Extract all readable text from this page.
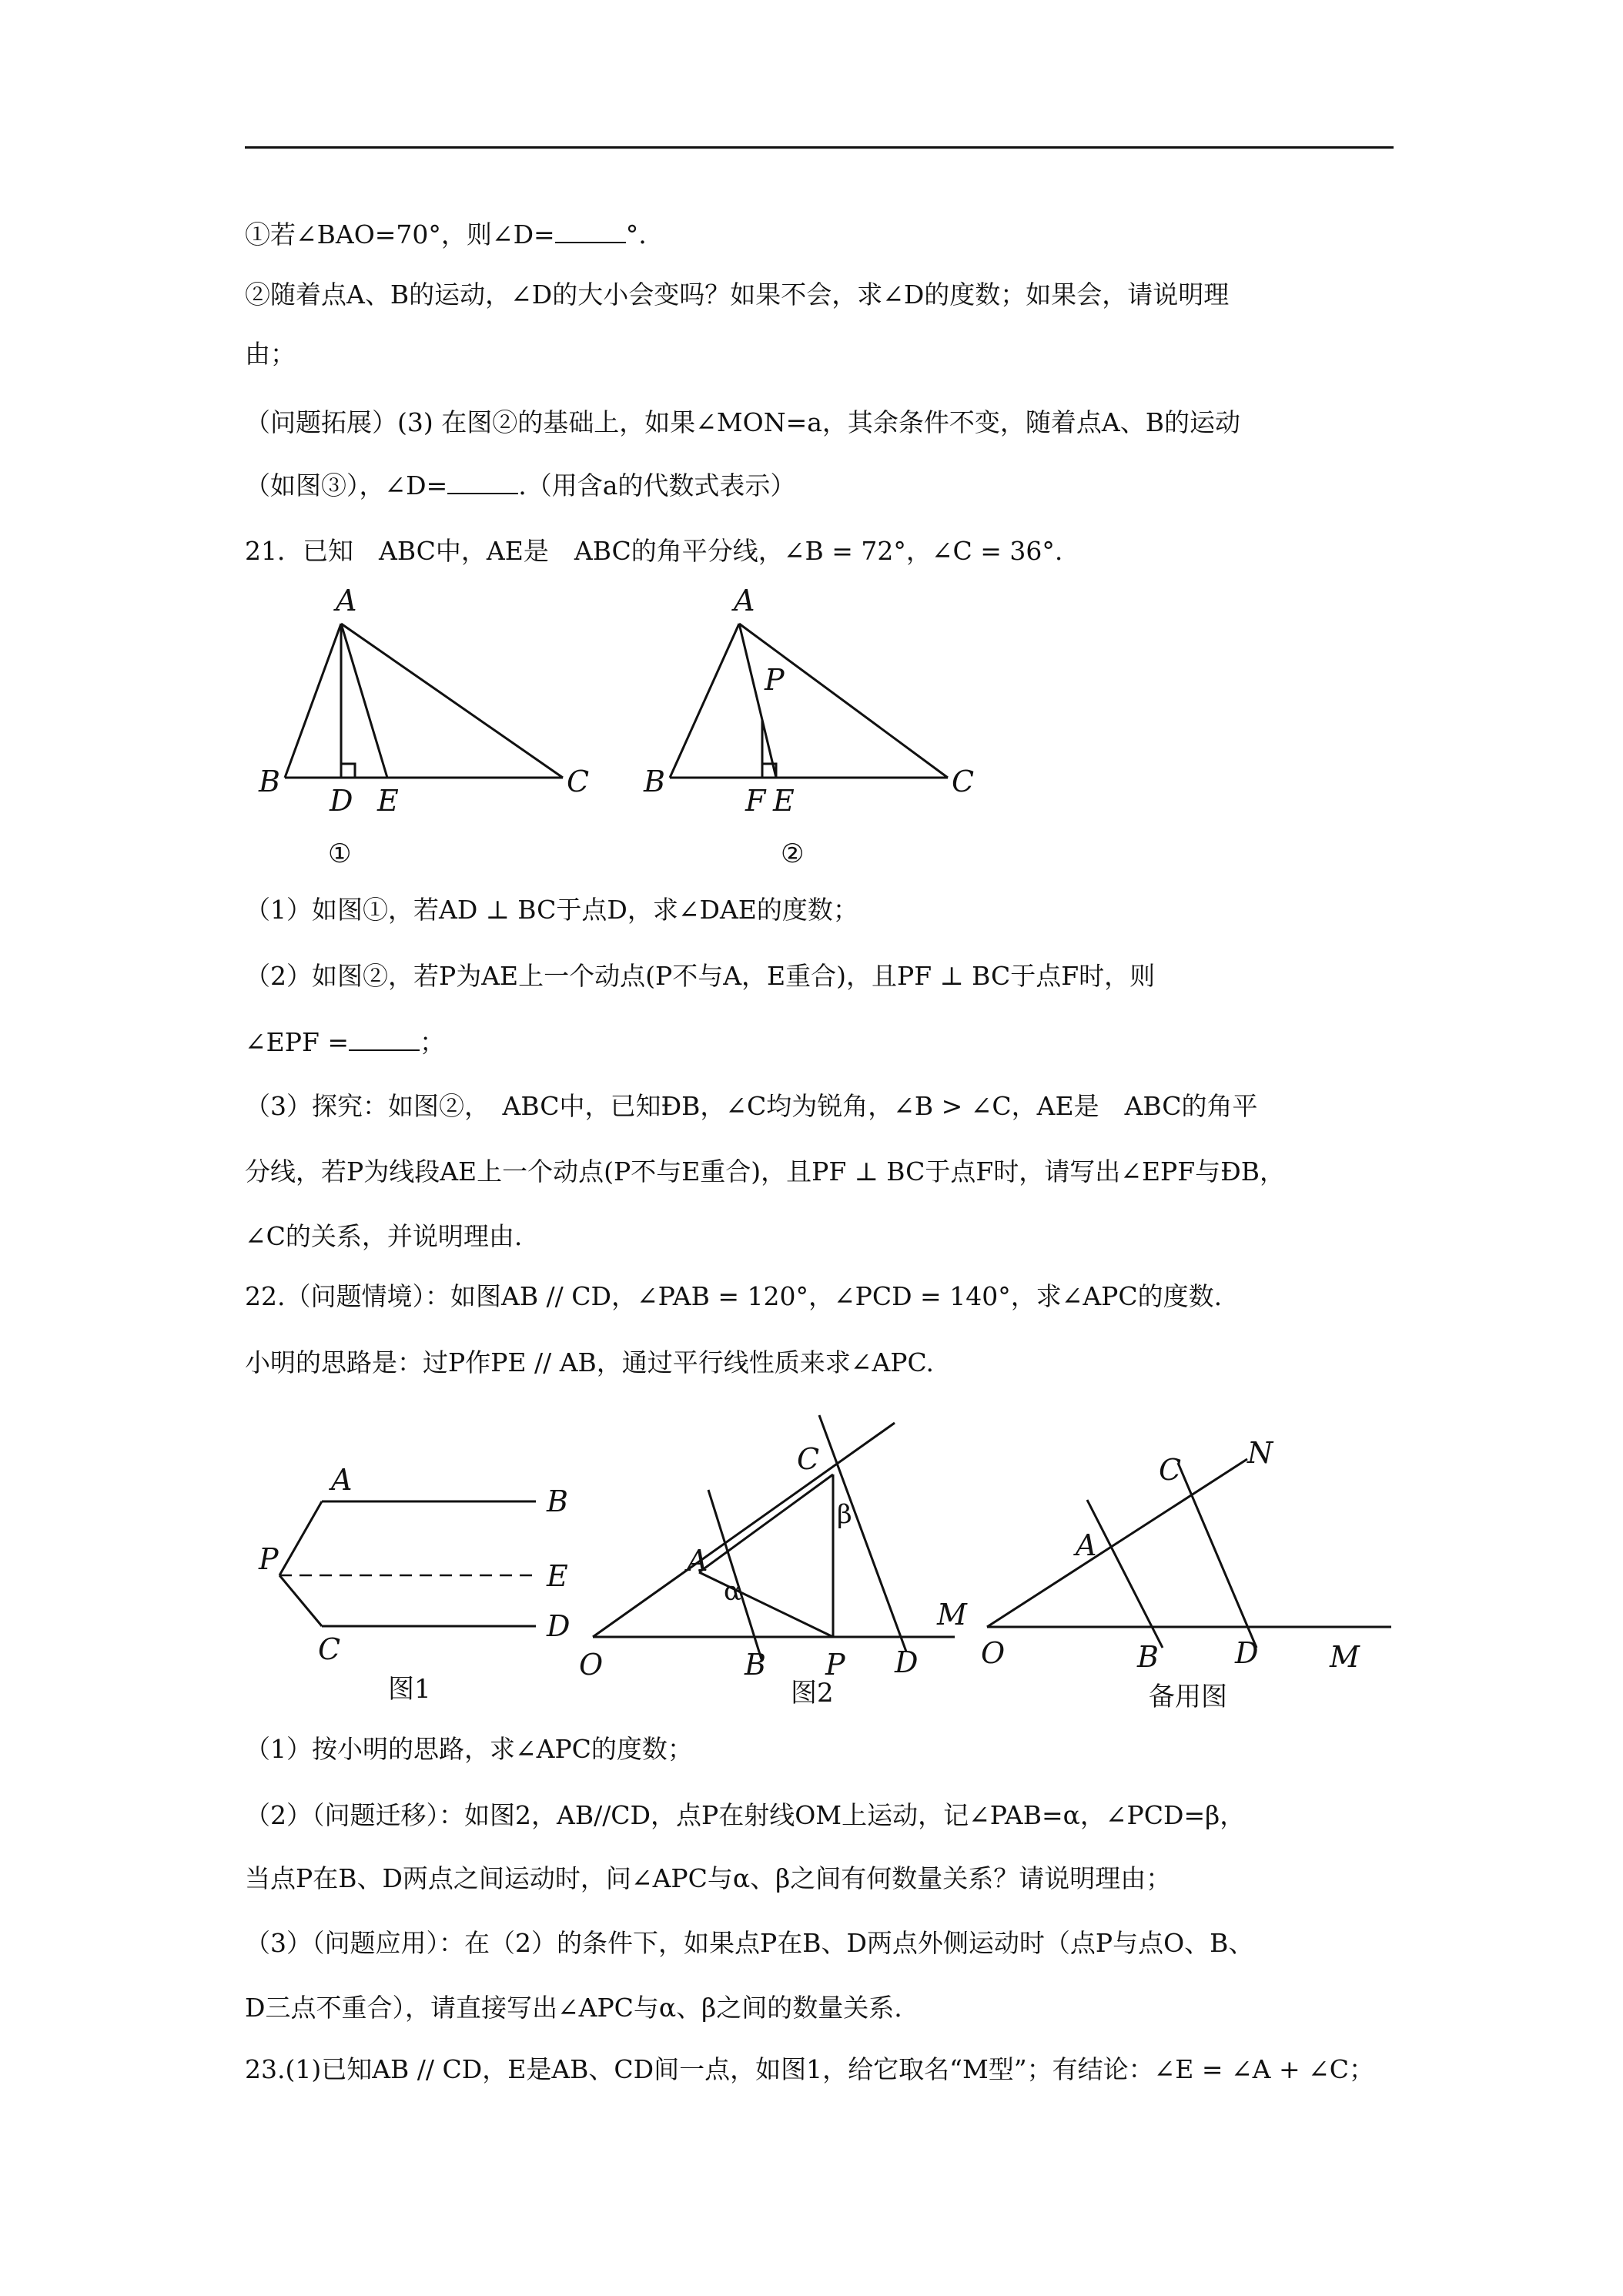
①若∠BAO=70°，则∠D=	°.
②随着点A、B的运动，∠D的大小会变吗？如果不会，求∠D的度数；如果会，请说明理
由；
（问题拓展）(3) 在图②的基础上，如果∠MON=a，其余条件不变，随着点A、B的运动
（如图③），∠D=	.（用含a的代数式表示）
21．已知　ABC中，AE是　ABC的角平分线，∠B = 72°，∠C = 36°.
A
B	C
D E
①
A
B	C
P
F E
②
（1）如图①，若AD ⊥ BC于点D，求∠DAE的度数；
（2）如图②，若P为AE上一个动点(P不与A，E重合)，且PF ⊥ BC于点F时，则
∠EPF =	；
（3）探究：如图②，　ABC中，已知ÐB，∠C均为锐角，∠B > ∠C，AE是　ABC的角平
分线，若P为线段AE上一个动点(P不与E重合)，且PF ⊥ BC于点F时，请写出∠EPF与ÐB，
∠C的关系，并说明理由.
22.（问题情境）：如图AB // CD，∠PAB = 120°，∠PCD = 140°，求∠APC的度数.
小明的思路是：过P作PE // AB，通过平行线性质来求∠APC.
A
B
P	E
C
D
图1
C
A
O	B P D
M
α
β
图2
A
C N
O	B	D M
备用图
（1）按小明的思路，求∠APC的度数；
（2）（问题迁移）：如图2，AB//CD，点P在射线OM上运动，记∠PAB=α，∠PCD=β，
当点P在B、D两点之间运动时，问∠APC与α、β之间有何数量关系？请说明理由；
（3）（问题应用）：在（2）的条件下，如果点P在B、D两点外侧运动时（点P与点O、B、
D三点不重合），请直接写出∠APC与α、β之间的数量关系.
23.(1)已知AB // CD，E是AB、CD间一点，如图1，给它取名“M型”；有结论：∠E = ∠A + ∠C；
